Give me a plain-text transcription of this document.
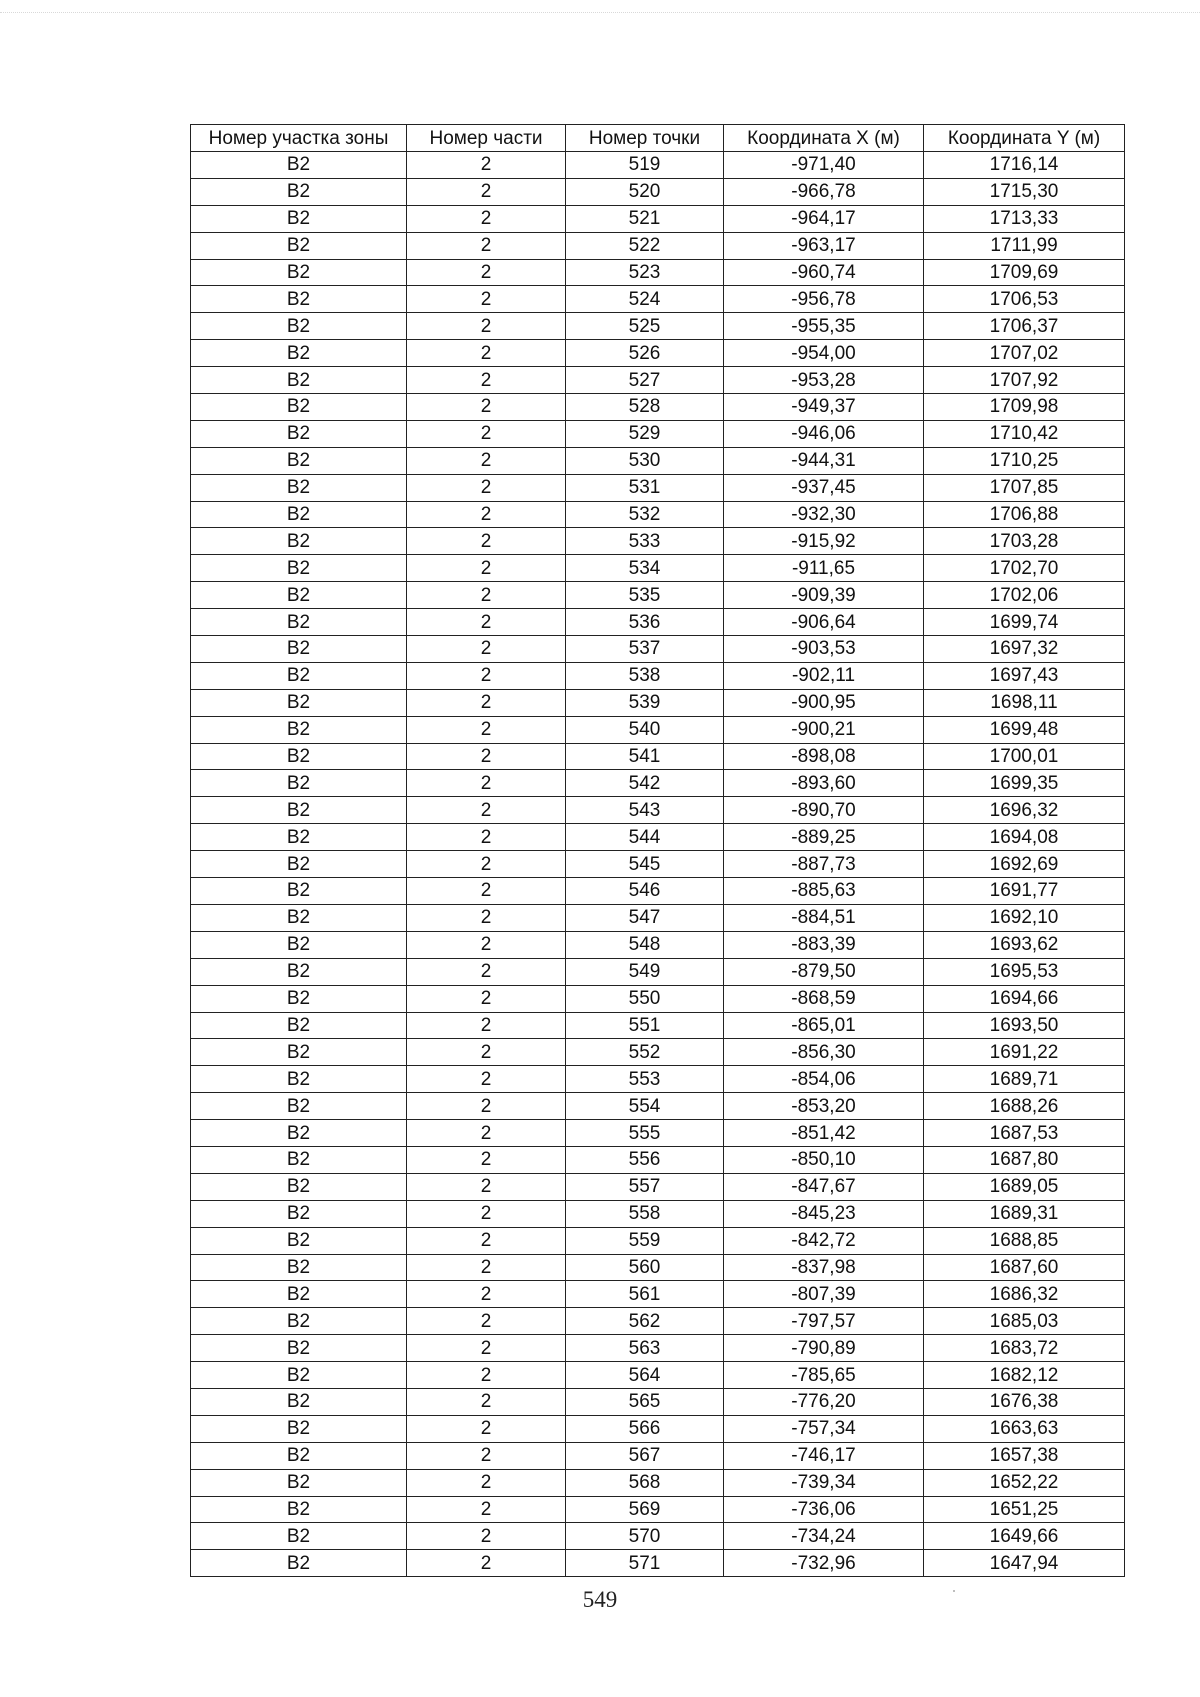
Номер участка зоны	Номер части	Номер точки	Координата X (м)	Координата Y (м)
В2	2	519	-971,40	1716,14
В2	2	520	-966,78	1715,30
В2	2	521	-964,17	1713,33
В2	2	522	-963,17	1711,99
В2	2	523	-960,74	1709,69
В2	2	524	-956,78	1706,53
В2	2	525	-955,35	1706,37
В2	2	526	-954,00	1707,02
В2	2	527	-953,28	1707,92
В2	2	528	-949,37	1709,98
В2	2	529	-946,06	1710,42
В2	2	530	-944,31	1710,25
В2	2	531	-937,45	1707,85
В2	2	532	-932,30	1706,88
В2	2	533	-915,92	1703,28
В2	2	534	-911,65	1702,70
В2	2	535	-909,39	1702,06
В2	2	536	-906,64	1699,74
В2	2	537	-903,53	1697,32
В2	2	538	-902,11	1697,43
В2	2	539	-900,95	1698,11
В2	2	540	-900,21	1699,48
В2	2	541	-898,08	1700,01
В2	2	542	-893,60	1699,35
В2	2	543	-890,70	1696,32
В2	2	544	-889,25	1694,08
В2	2	545	-887,73	1692,69
В2	2	546	-885,63	1691,77
В2	2	547	-884,51	1692,10
В2	2	548	-883,39	1693,62
В2	2	549	-879,50	1695,53
В2	2	550	-868,59	1694,66
В2	2	551	-865,01	1693,50
В2	2	552	-856,30	1691,22
В2	2	553	-854,06	1689,71
В2	2	554	-853,20	1688,26
В2	2	555	-851,42	1687,53
В2	2	556	-850,10	1687,80
В2	2	557	-847,67	1689,05
В2	2	558	-845,23	1689,31
В2	2	559	-842,72	1688,85
В2	2	560	-837,98	1687,60
В2	2	561	-807,39	1686,32
В2	2	562	-797,57	1685,03
В2	2	563	-790,89	1683,72
В2	2	564	-785,65	1682,12
В2	2	565	-776,20	1676,38
В2	2	566	-757,34	1663,63
В2	2	567	-746,17	1657,38
В2	2	568	-739,34	1652,22
В2	2	569	-736,06	1651,25
В2	2	570	-734,24	1649,66
В2	2	571	-732,96	1647,94
549
